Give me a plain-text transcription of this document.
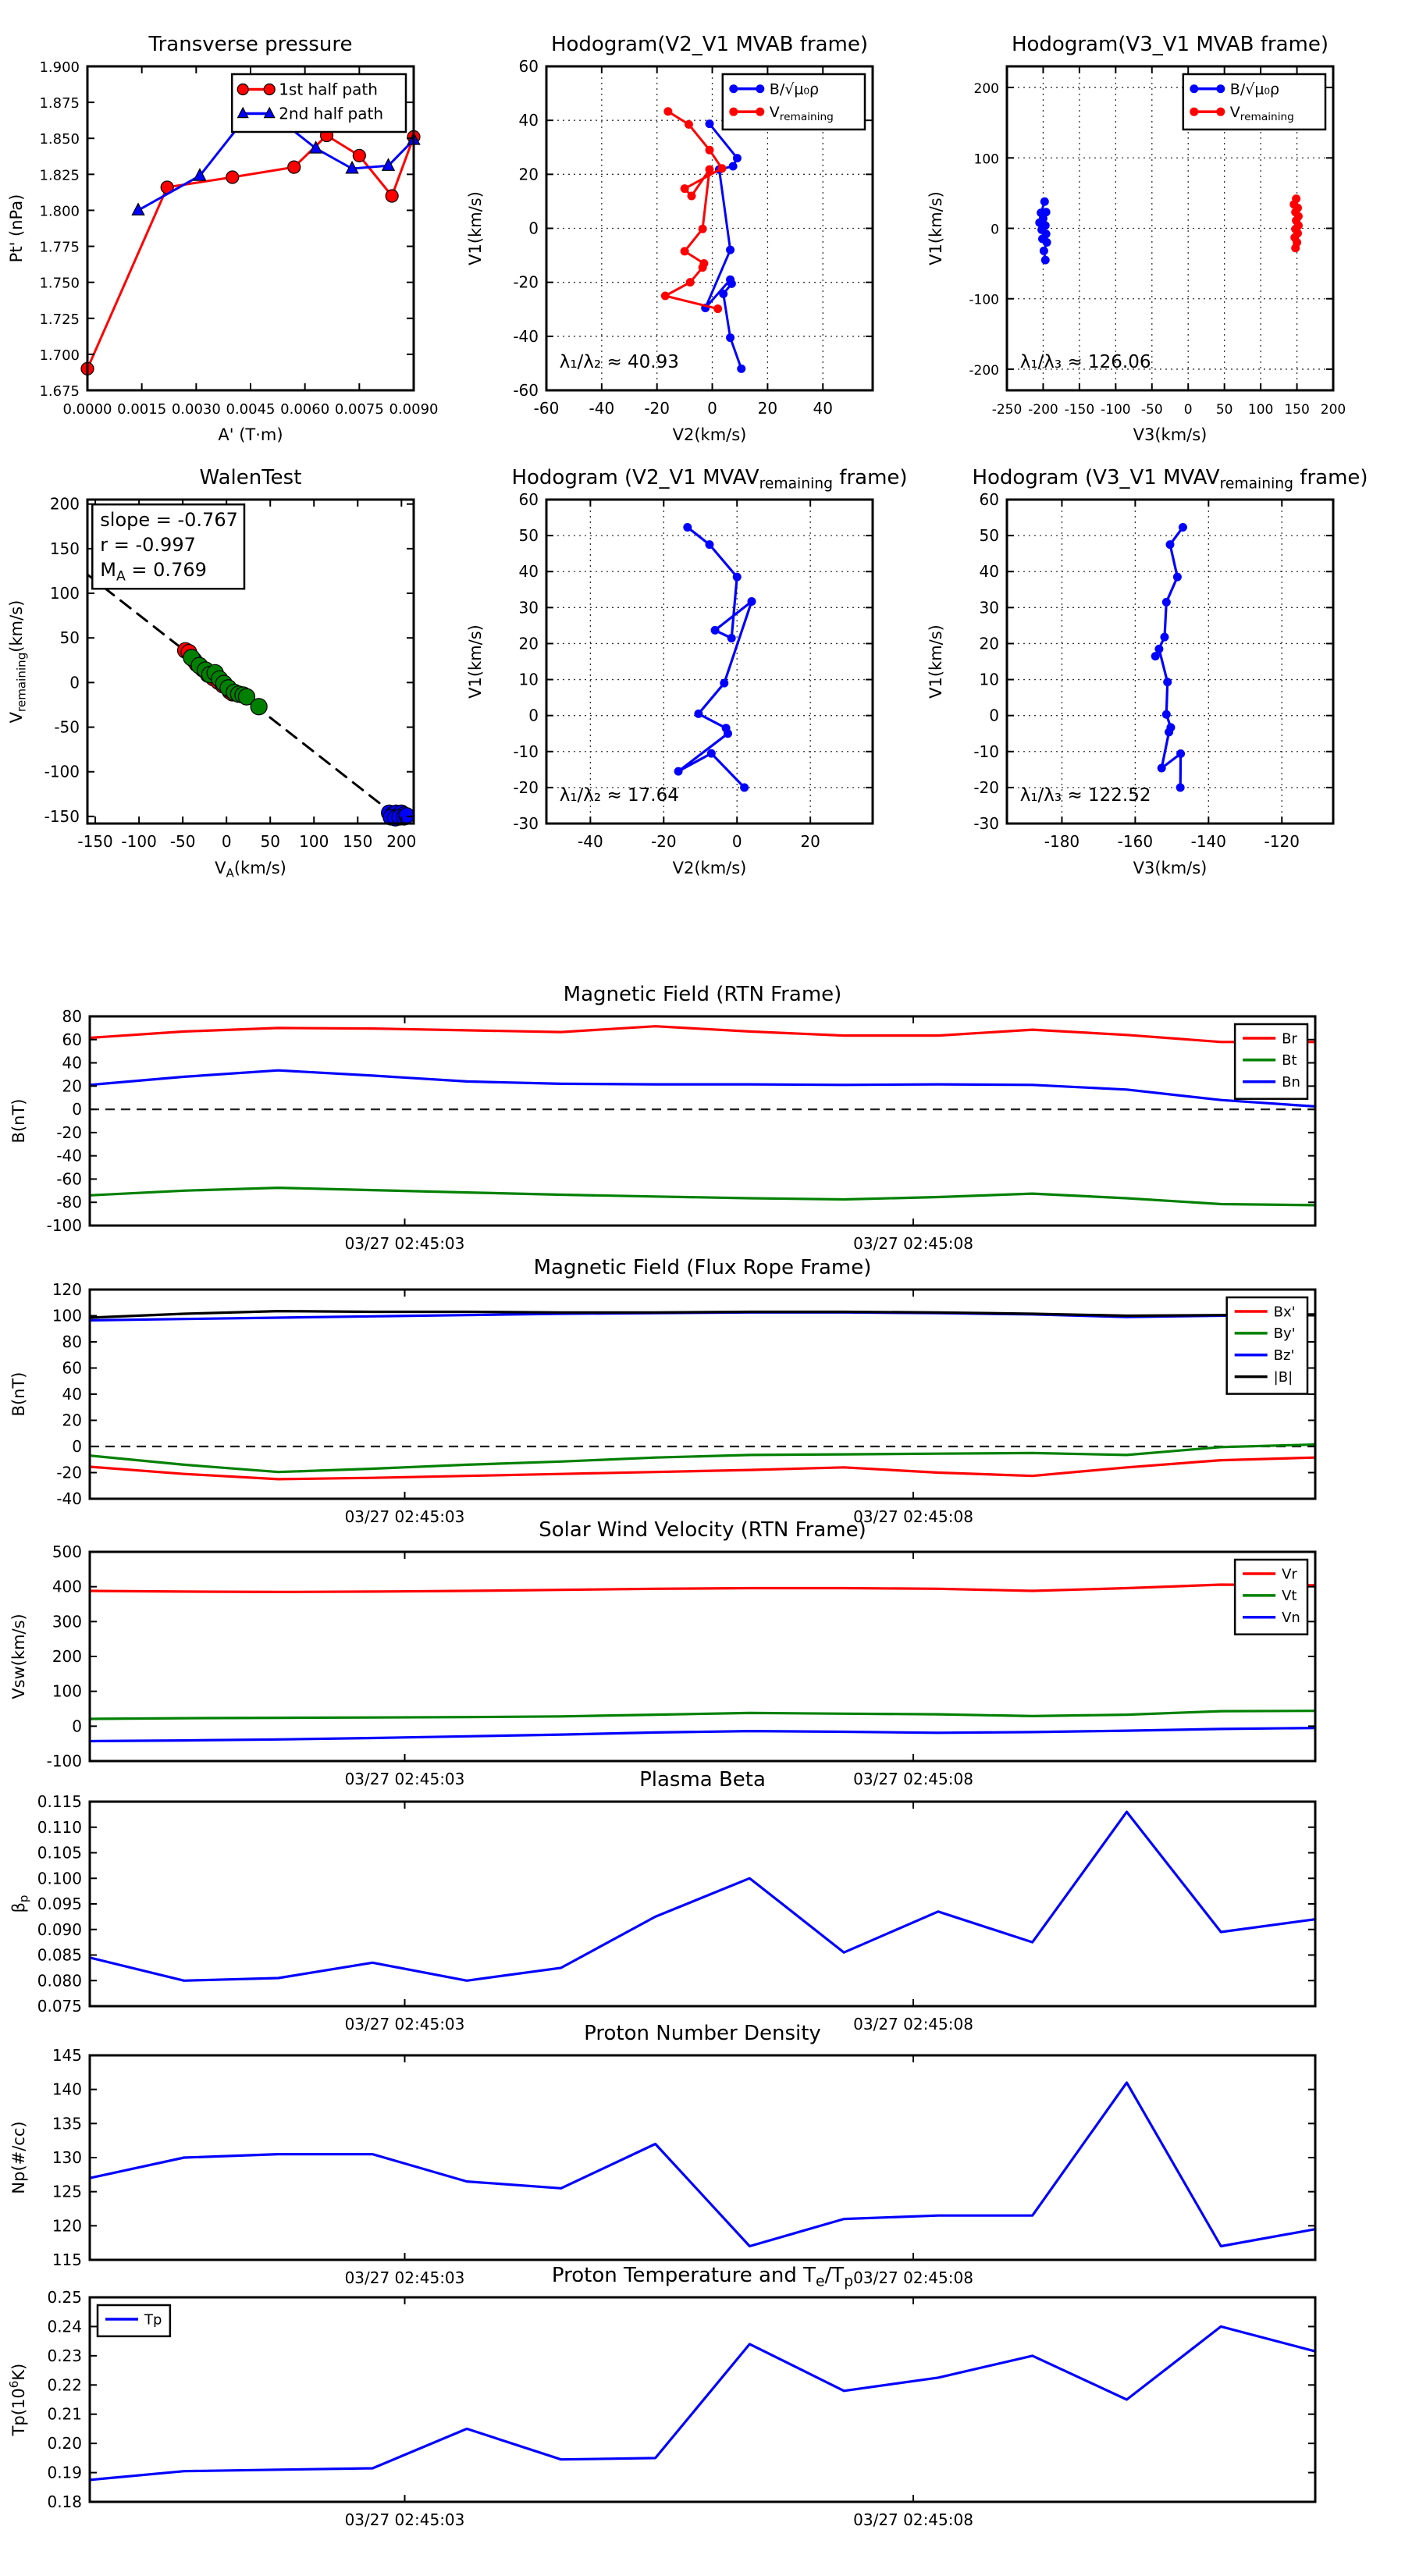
0.0000 0.0015 0.0030 0.0045 0.0060 0.0075 0.0090
1.675
1.700
1.725
1.750
1.775
1.800
1.825
1.850
1.875
1.900
Transverse pressure
A' (T·m)
Pt' (nPa)
1st half path
2nd half path
-60 -40 -20 0	20 40
-60
-40
-20
0
20
40
60
Hodogram(V2_V1 MVAB frame)
V2(km/s)
V1(km/s)
B/√μ₀ρ
$V_{remaining}$
λ₁/λ₂ ≈ 40.93
-250 -200 -150 -100 -50 0 50 100 150 200
-200
-100
0
100
200
Hodogram(V3_V1 MVAB frame)
V3(km/s)
V1(km/s)
B/√μ₀ρ
$V_{remaining}$
λ₁/λ₃ ≈ 126.06
-150 -100 -50 0 50 100 150 200
-150
-100
-50
0
50
100
150
200
WalenTest
$V_A(km/s)$
$V_{remaining}(km/s)$
slope = -0.767
r = -0.997
$M_A = 0.769$
-40	-20	0	20
-30
-20
-10
0
10
20
30
40
50
60
Hodogram (V2_V1 $MVAV_{remaining}$ frame)
V2(km/s)
V1(km/s)
λ₁/λ₂ ≈ 17.64
-180 -160 -140 -120
-30
-20
-10
0
10
20
30
40
50
60
Hodogram (V3_V1 $MVAV_{remaining}$ frame)
V3(km/s)
V1(km/s)
λ₁/λ₃ ≈ 122.52
03/27 02:45:03	03/27 02:45:08
-100
-80
-60
-40
-20
0
20
40
60
80
Magnetic Field (RTN Frame)
B(nT)
Br
Bt
Bn
03/27 02:45:03	03/27 02:45:08
-40
-20
0
20
40
60
80
100
120
Magnetic Field (Flux Rope Frame)
B(nT)
Bx'
By'
Bz'
|B|
03/27 02:45:03	03/27 02:45:08
-100
0
100
200
300
400
500
Solar Wind Velocity (RTN Frame)
Vsw(km/s)
Vr
Vt
Vn
03/27 02:45:03	03/27 02:45:08
0.075
0.080
0.085
0.090
0.095
0.100
0.105
0.110
0.115
Plasma Beta
$\beta_p$
03/27 02:45:03	03/27 02:45:08
115
120
125
130
135
140
145
Proton Number Density
Np(#/cc)
03/27 02:45:03	03/27 02:45:08
0.18
0.19
0.20
0.21
0.22
0.23
0.24
0.25
Proton Temperature and $T_e/T_p$
$Tp(10^6K)$
Tp
